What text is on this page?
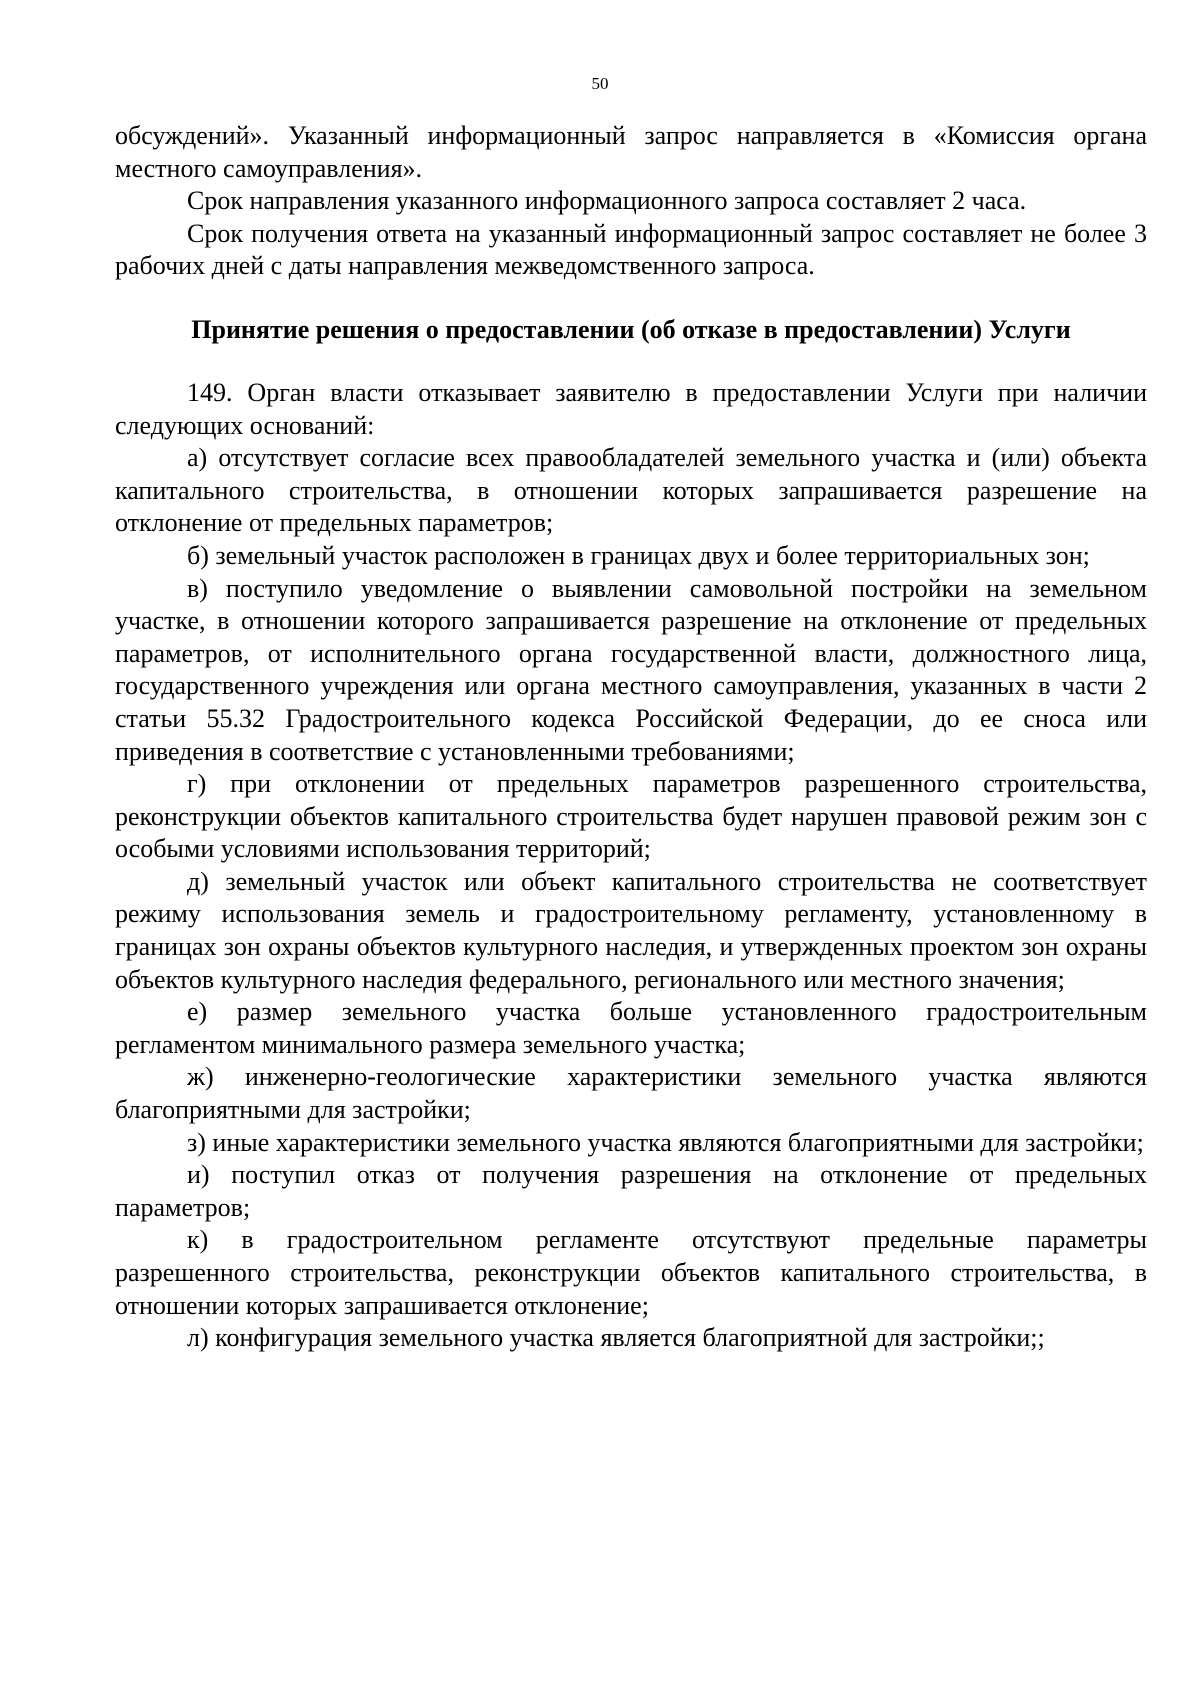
50

обсуждений». Указанный информационный запрос направляется в «Комиссия органа местного самоуправления».

Срок направления указанного информационного запроса составляет 2 часа.

Срок получения ответа на указанный информационный запрос составляет не более 3 рабочих дней с даты направления межведомственного запроса.

Принятие решения о предоставлении (об отказе в предоставлении) Услуги

149. Орган власти отказывает заявителю в предоставлении Услуги при наличии следующих оснований:

а) отсутствует согласие всех правообладателей земельного участка и (или) объекта капитального строительства, в отношении которых запрашивается разрешение на отклонение от предельных параметров;

б) земельный участок расположен в границах двух и более территориальных зон;

в) поступило уведомление о выявлении самовольной постройки на земельном участке, в отношении которого запрашивается разрешение на отклонение от предельных параметров, от исполнительного органа государственной власти, должностного лица, государственного учреждения или органа местного самоуправления, указанных в части 2 статьи 55.32 Градостроительного кодекса Российской Федерации, до ее сноса или приведения в соответствие с установленными требованиями;

г) при отклонении от предельных параметров разрешенного строительства, реконструкции объектов капитального строительства будет нарушен правовой режим зон с особыми условиями использования территорий;

д) земельный участок или объект капитального строительства не соответствует режиму использования земель и градостроительному регламенту, установленному в границах зон охраны объектов культурного наследия, и утвержденных проектом зон охраны объектов культурного наследия федерального, регионального или местного значения;

е) размер земельного участка больше установленного градостроительным регламентом минимального размера земельного участка;

ж) инженерно-геологические характеристики земельного участка являются благоприятными для застройки;

з) иные характеристики земельного участка являются благоприятными для застройки;

и) поступил отказ от получения разрешения на отклонение от предельных параметров;

к) в градостроительном регламенте отсутствуют предельные параметры разрешенного строительства, реконструкции объектов капитального строительства, в отношении которых запрашивается отклонение;

л) конфигурация земельного участка является благоприятной для застройки;;
